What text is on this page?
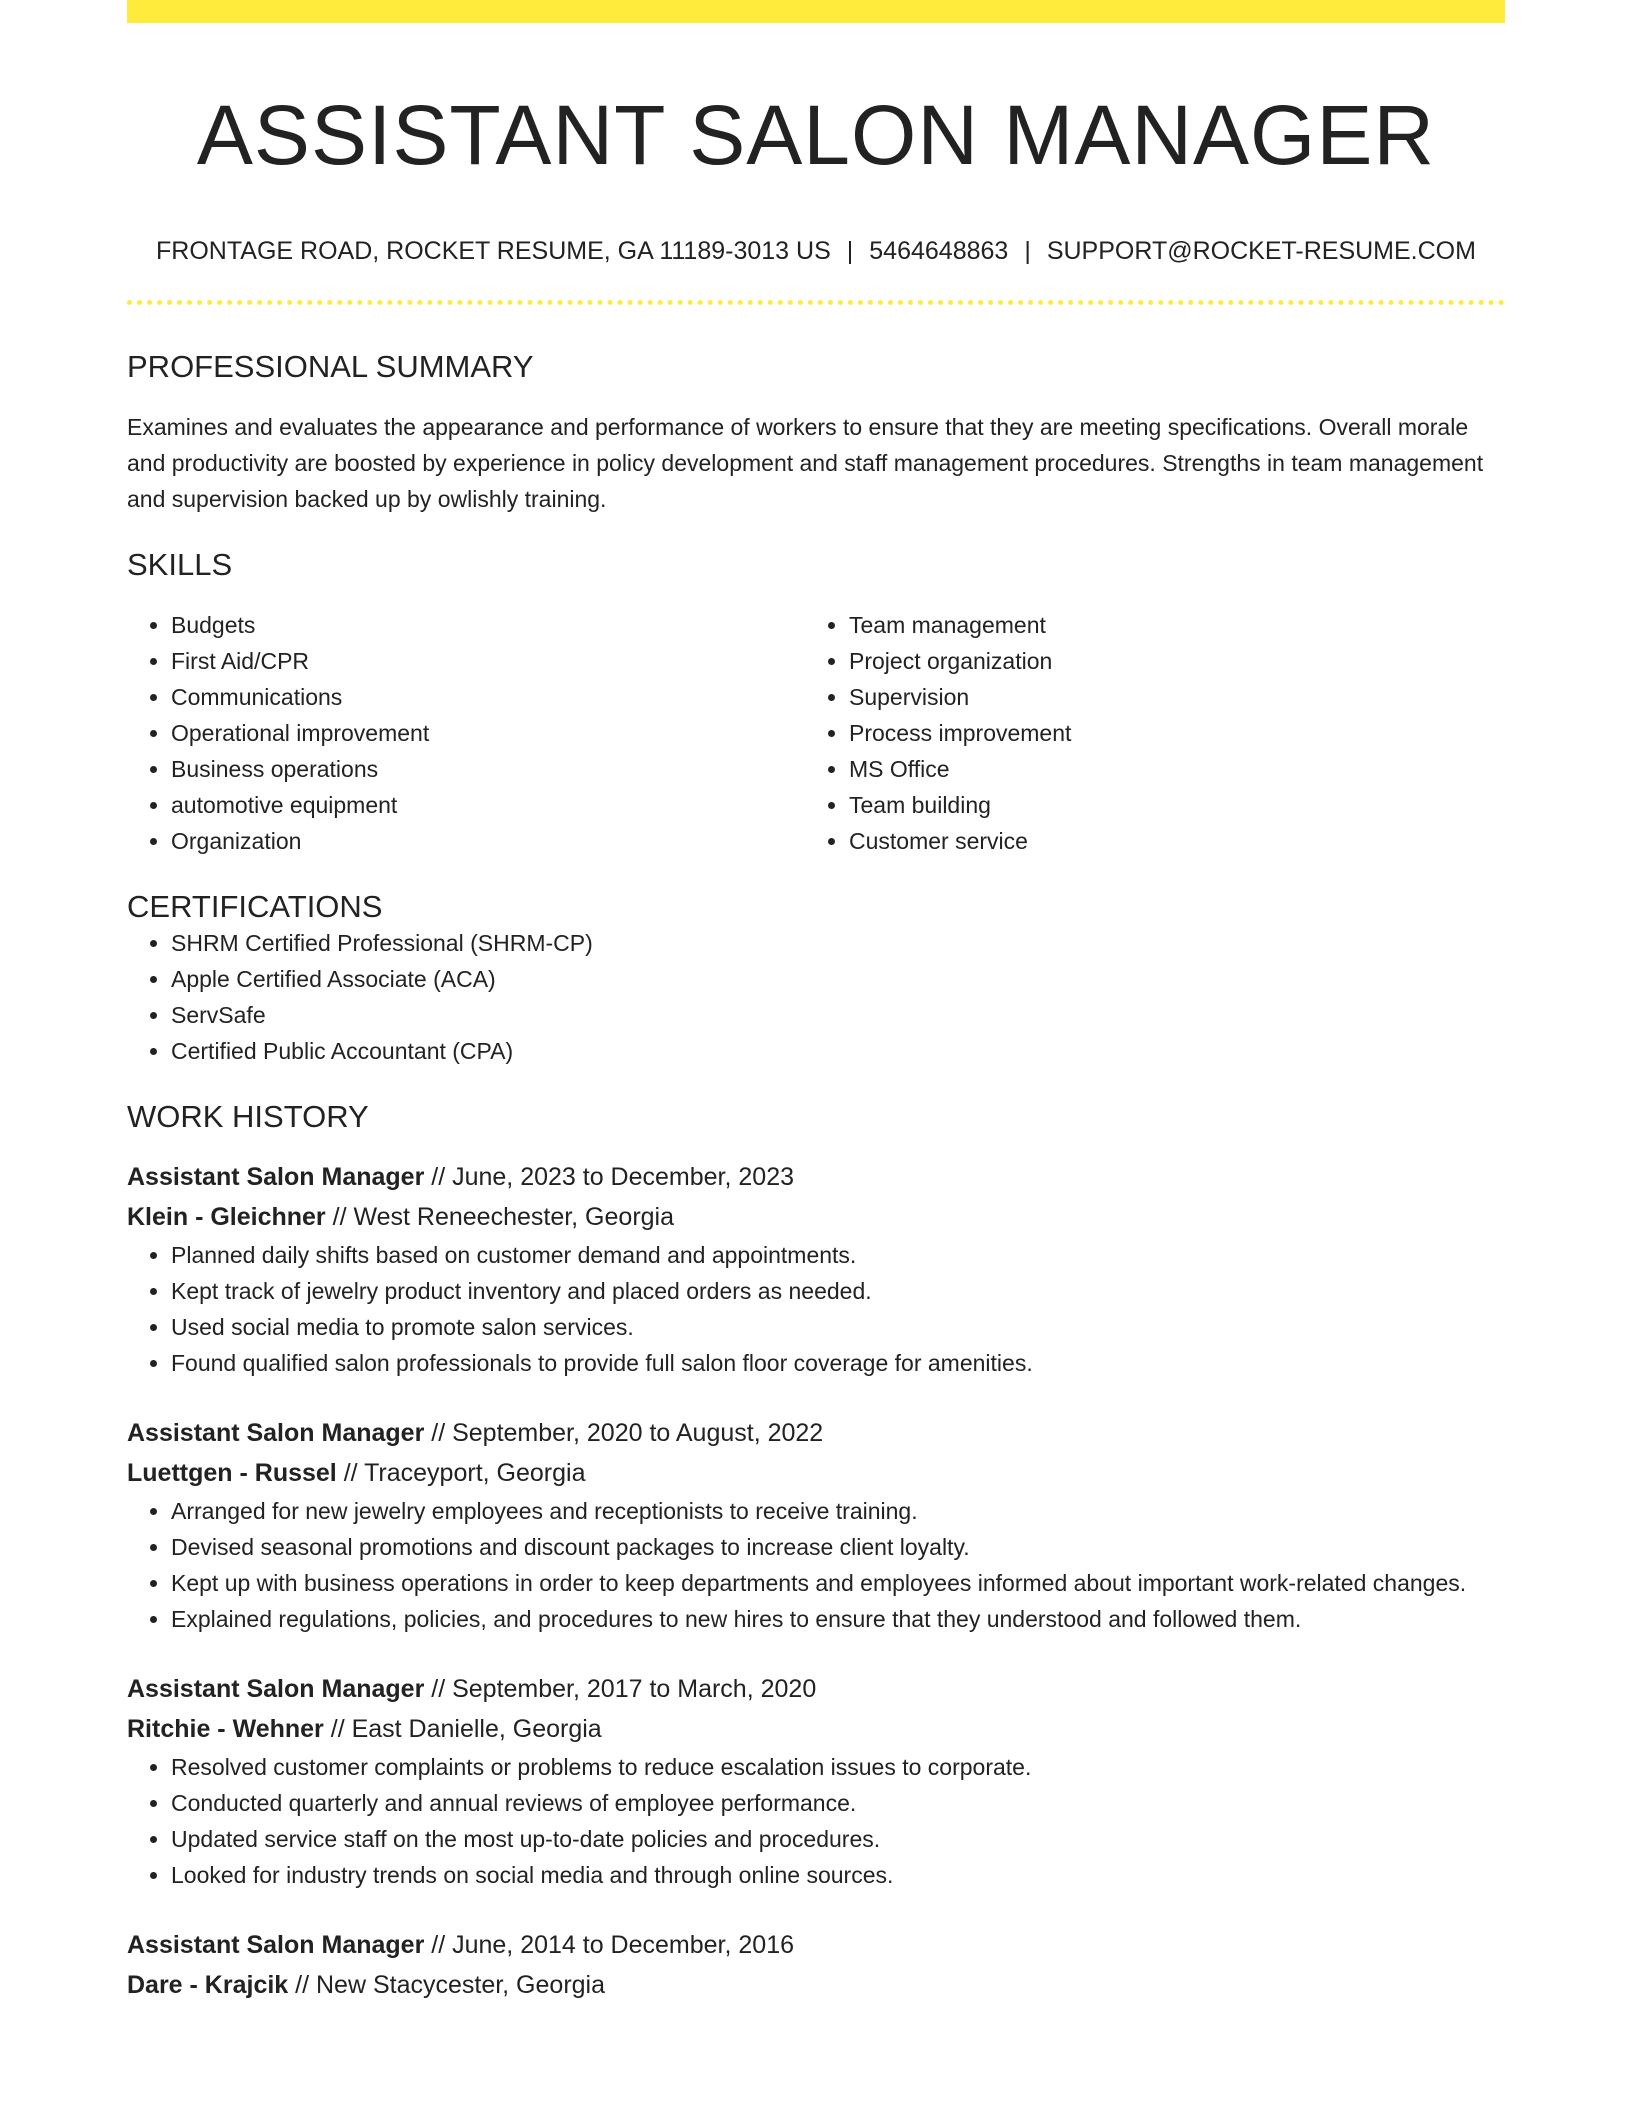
ASSISTANT SALON MANAGER
FRONTAGE ROAD, ROCKET RESUME, GA 11189-3013 US | 5464648863 | SUPPORT@ROCKET-RESUME.COM
PROFESSIONAL SUMMARY
Examines and evaluates the appearance and performance of workers to ensure that they are meeting specifications. Overall morale and productivity are boosted by experience in policy development and staff management procedures. Strengths in team management and supervision backed up by owlishly training.
SKILLS
• Budgets
• First Aid/CPR
• Communications
• Operational improvement
• Business operations
• automotive equipment
• Organization
• Team management
• Project organization
• Supervision
• Process improvement
• MS Office
• Team building
• Customer service
CERTIFICATIONS
• SHRM Certified Professional (SHRM-CP)
• Apple Certified Associate (ACA)
• ServSafe
• Certified Public Accountant (CPA)
WORK HISTORY
Assistant Salon Manager // June, 2023 to December, 2023
Klein - Gleichner // West Reneechester, Georgia
• Planned daily shifts based on customer demand and appointments.
• Kept track of jewelry product inventory and placed orders as needed.
• Used social media to promote salon services.
• Found qualified salon professionals to provide full salon floor coverage for amenities.
Assistant Salon Manager // September, 2020 to August, 2022
Luettgen - Russel // Traceyport, Georgia
• Arranged for new jewelry employees and receptionists to receive training.
• Devised seasonal promotions and discount packages to increase client loyalty.
• Kept up with business operations in order to keep departments and employees informed about important work-related changes.
• Explained regulations, policies, and procedures to new hires to ensure that they understood and followed them.
Assistant Salon Manager // September, 2017 to March, 2020
Ritchie - Wehner // East Danielle, Georgia
• Resolved customer complaints or problems to reduce escalation issues to corporate.
• Conducted quarterly and annual reviews of employee performance.
• Updated service staff on the most up-to-date policies and procedures.
• Looked for industry trends on social media and through online sources.
Assistant Salon Manager // June, 2014 to December, 2016
Dare - Krajcik // New Stacycester, Georgia
